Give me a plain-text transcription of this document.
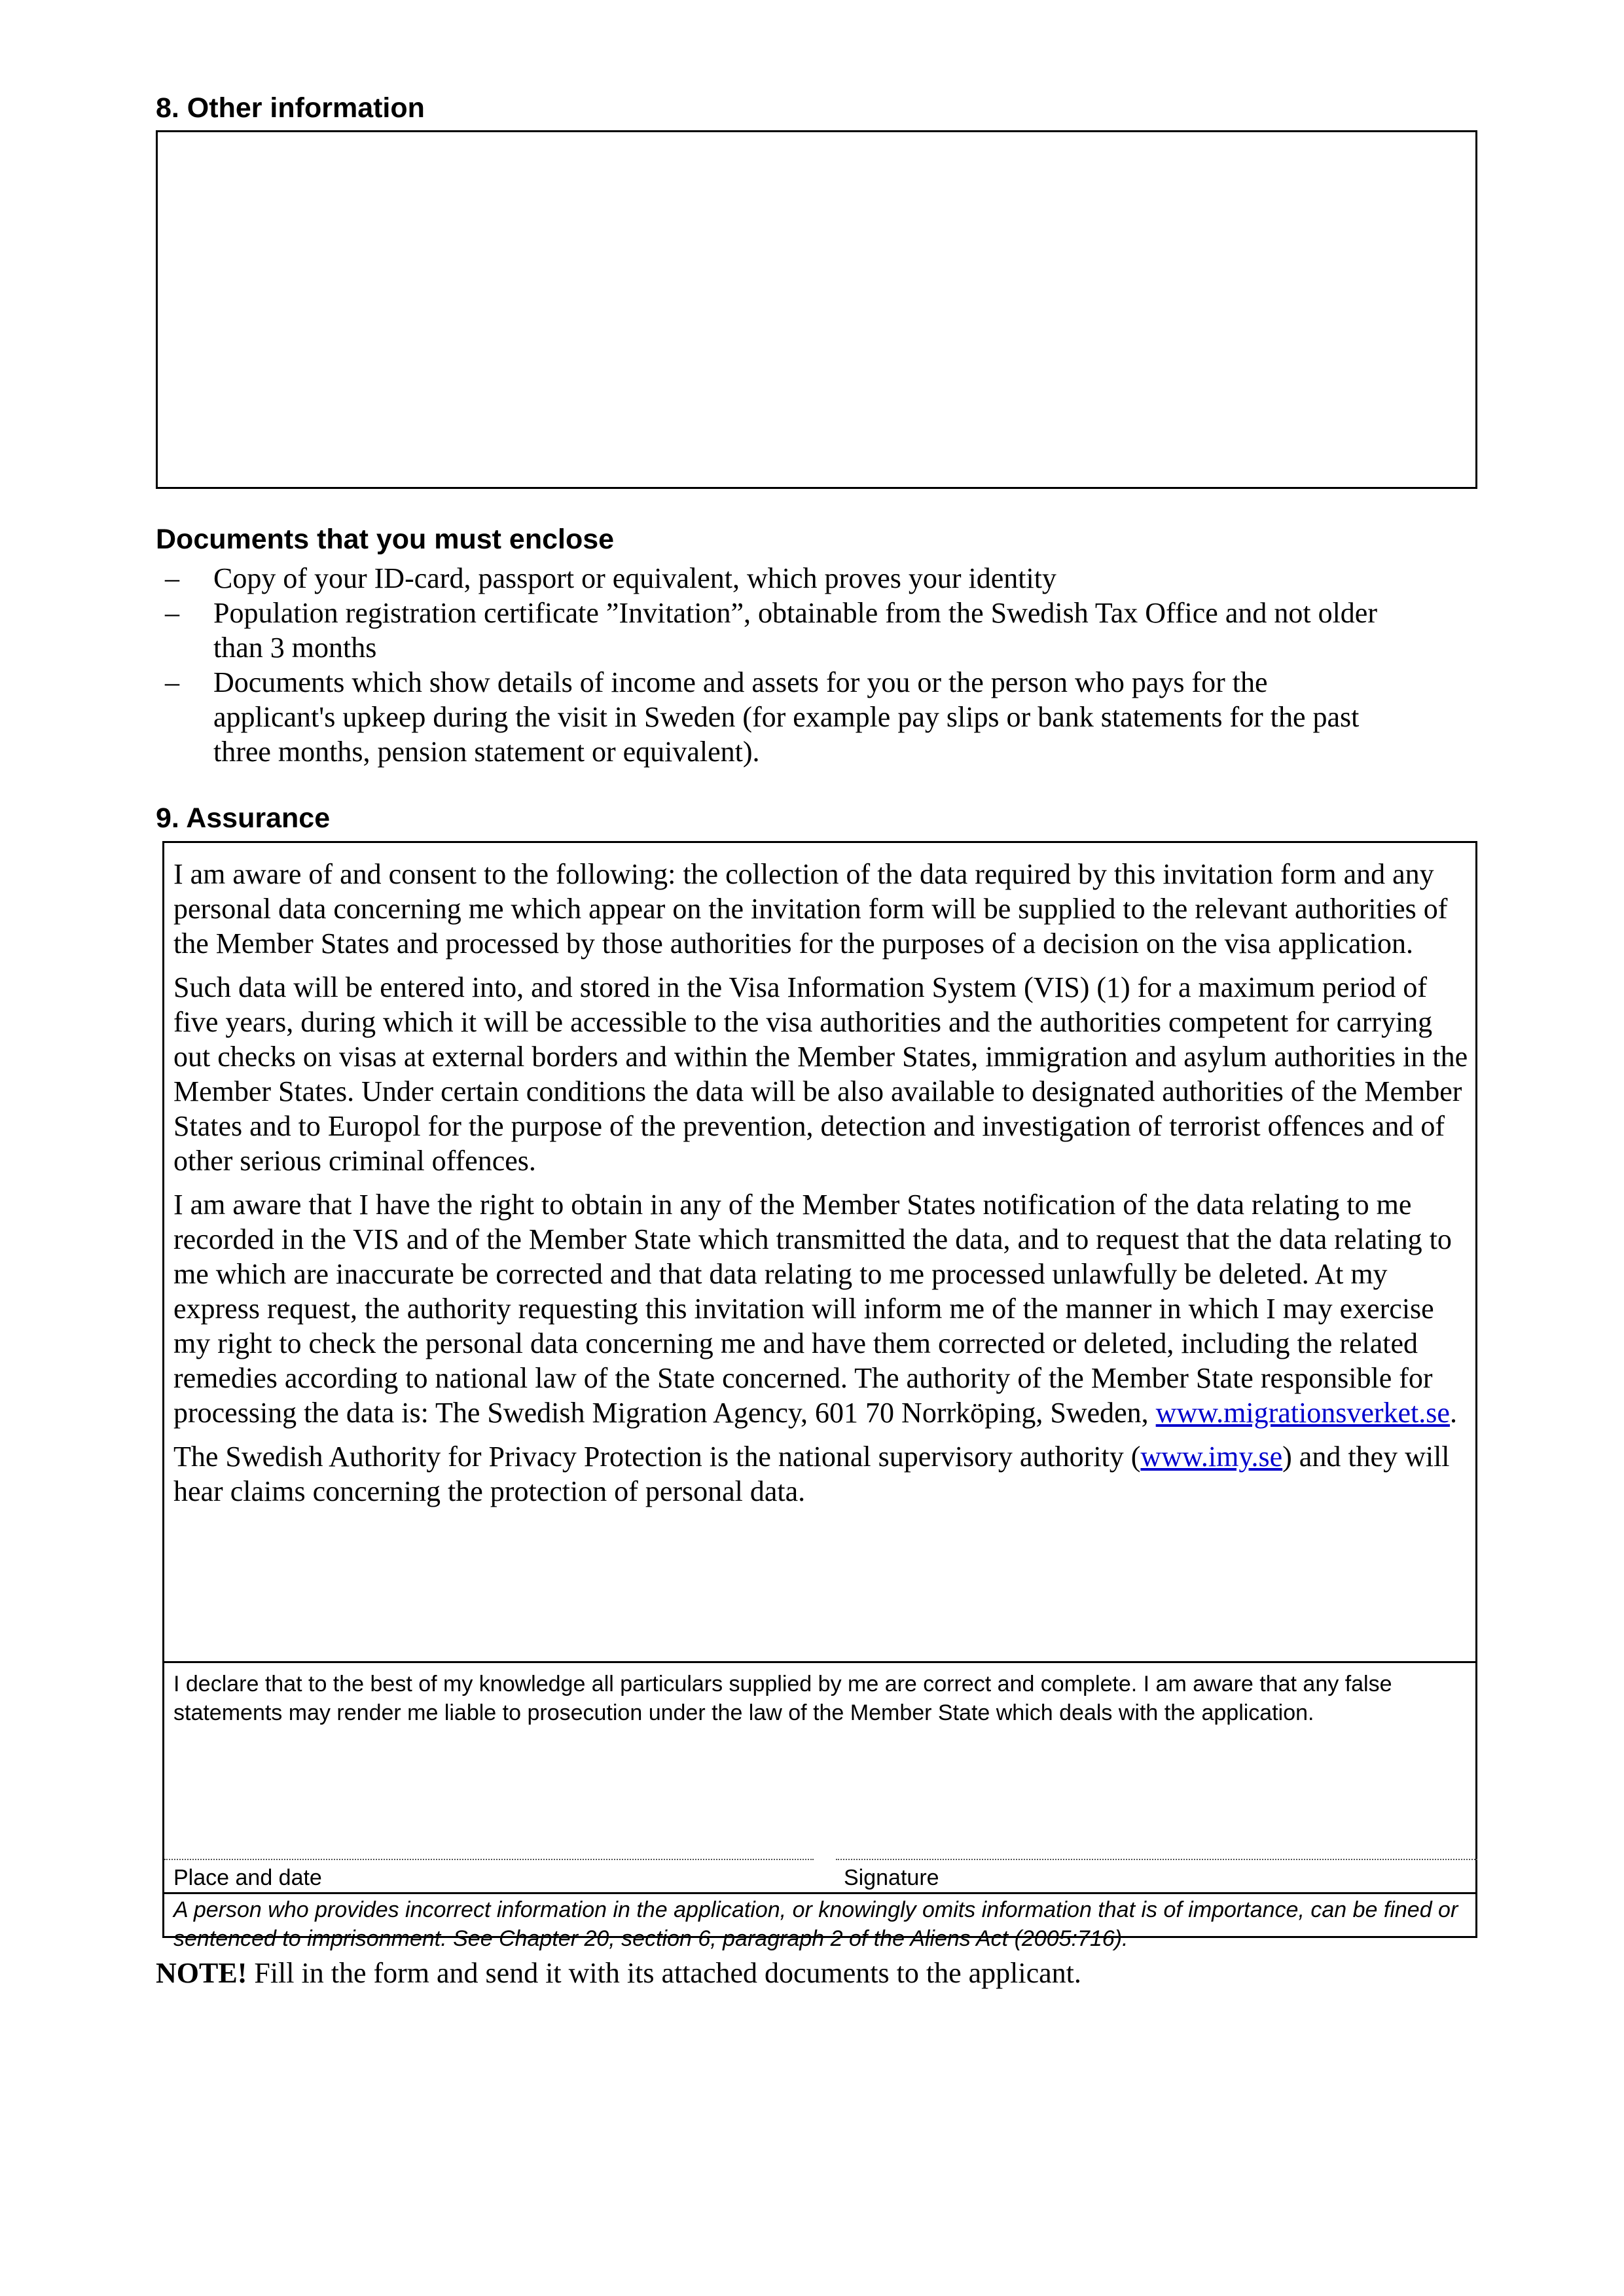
8. Other information
Documents that you must enclose
– Copy of your ID-card, passport or equivalent, which proves your identity
– Population registration certificate ”Invitation”, obtainable from the Swedish Tax Office and not older than 3 months
– Documents which show details of income and assets for you or the person who pays for the applicant's upkeep during the visit in Sweden (for example pay slips or bank statements for the past three months, pension statement or equivalent).
9. Assurance

I am aware of and consent to the following: the collection of the data required by this invitation form and any personal data concerning me which appear on the invitation form will be supplied to the relevant authorities of the Member States and processed by those authorities for the purposes of a decision on the visa application.

Such data will be entered into, and stored in the Visa Information System (VIS) (1) for a maximum period of five years, during which it will be accessible to the visa authorities and the authorities competent for carrying out checks on visas at external borders and within the Member States, immigration and asylum authorities in the Member States. Under certain conditions the data will be also available to designated authorities of the Member States and to Europol for the purpose of the prevention, detection and investigation of terrorist offences and of other serious criminal offences.

I am aware that I have the right to obtain in any of the Member States notification of the data relating to me recorded in the VIS and of the Member State which transmitted the data, and to request that the data relating to me which are inaccurate be corrected and that data relating to me processed unlawfully be deleted. At my express request, the authority requesting this invitation will inform me of the manner in which I may exercise my right to check the personal data concerning me and have them corrected or deleted, including the related remedies according to national law of the State concerned. The authority of the Member State responsible for processing the data is: The Swedish Migration Agency, 601 70 Norrköping, Sweden, www.migrationsverket.se.

The Swedish Authority for Privacy Protection is the national supervisory authority (www.imy.se) and they will hear claims concerning the protection of personal data.

I declare that to the best of my knowledge all particulars supplied by me are correct and complete. I am aware that any false statements may render me liable to prosecution under the law of the Member State which deals with the application.

Place and date	Signature

A person who provides incorrect information in the application, or knowingly omits information that is of importance, can be fined or sentenced to imprisonment. See Chapter 20, section 6, paragraph 2 of the Aliens Act (2005:716).

NOTE! Fill in the form and send it with its attached documents to the applicant.
